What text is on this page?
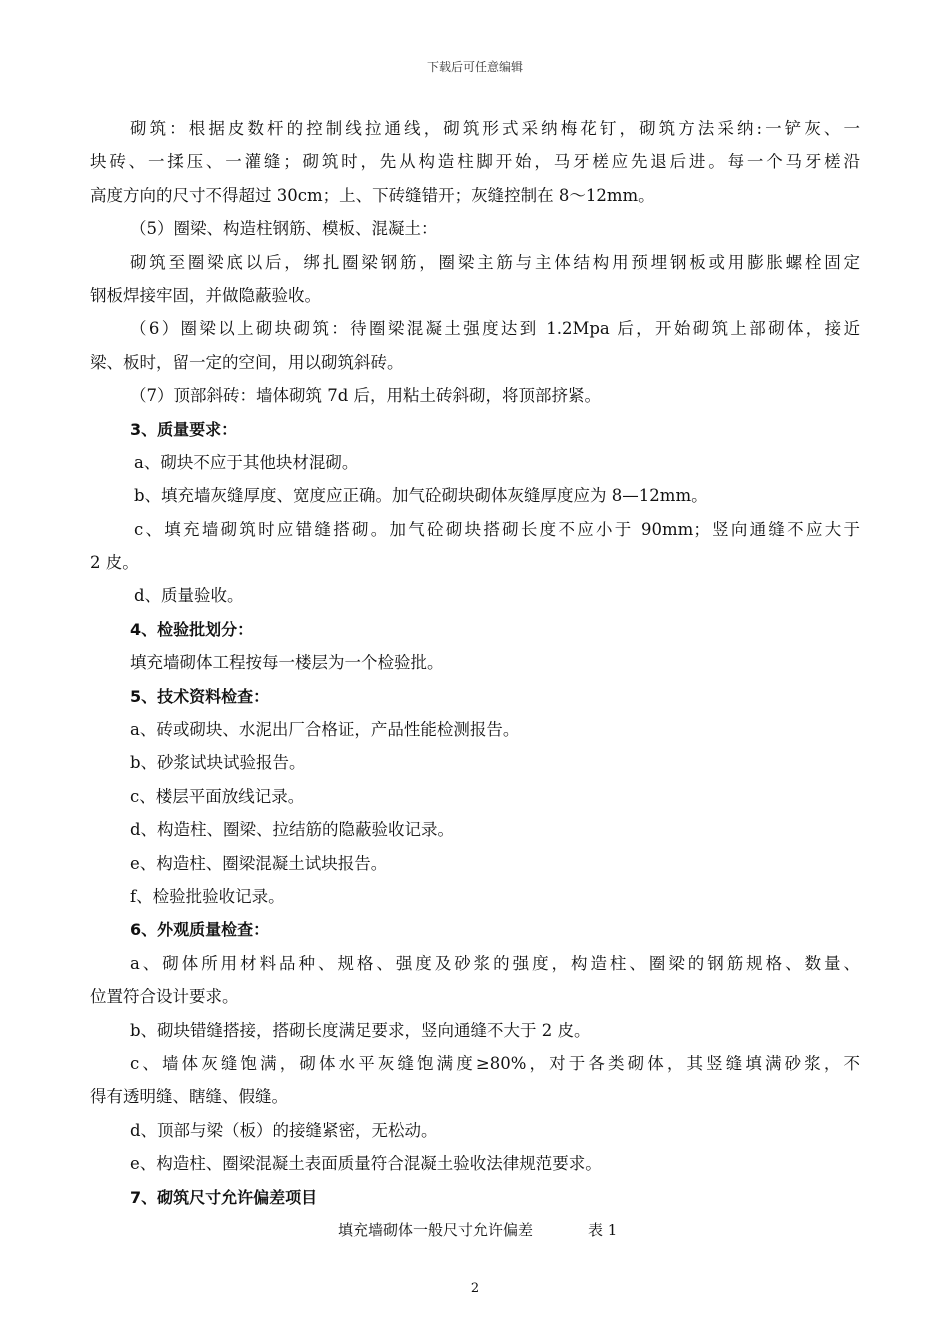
下载后可任意编辑
砌筑：根据皮数杆的控制线拉通线，砌筑形式采纳梅花钉，砌筑方法采纳:一铲灰、一
块砖、一揉压、一灌缝；砌筑时，先从构造柱脚开始，马牙槎应先退后进。每一个马牙槎沿
高度方向的尺寸不得超过 30cm；上、下砖缝错开；灰缝控制在 8～12mm。
（5）圈梁、构造柱钢筋、模板、混凝土：
砌筑至圈梁底以后，绑扎圈梁钢筋，圈梁主筋与主体结构用预埋钢板或用膨胀螺栓固定
钢板焊接牢固，并做隐蔽验收。
（6）圈梁以上砌块砌筑：待圈梁混凝土强度达到 1.2Mpa 后，开始砌筑上部砌体，接近
梁、板时，留一定的空间，用以砌筑斜砖。
（7）顶部斜砖：墙体砌筑 7d 后，用粘土砖斜砌，将顶部挤紧。
3、质量要求：
a、砌块不应于其他块材混砌。
b、填充墙灰缝厚度、宽度应正确。加气砼砌块砌体灰缝厚度应为 8—12mm。
c、填充墙砌筑时应错缝搭砌。加气砼砌块搭砌长度不应小于 90mm；竖向通缝不应大于
2 皮。
d、质量验收。
4、检验批划分：
填充墙砌体工程按每一楼层为一个检验批。
5、技术资料检查：
a、砖或砌块、水泥出厂合格证，产品性能检测报告。
b、砂浆试块试验报告。
c、楼层平面放线记录。
d、构造柱、圈梁、拉结筋的隐蔽验收记录。
e、构造柱、圈梁混凝土试块报告。
f、检验批验收记录。
6、外观质量检查：
a、砌体所用材料品种、规格、强度及砂浆的强度，构造柱、圈梁的钢筋规格、数量、
位置符合设计要求。
b、砌块错缝搭接，搭砌长度满足要求，竖向通缝不大于 2 皮。
c、墙体灰缝饱满，砌体水平灰缝饱满度≥80%，对于各类砌体，其竖缝填满砂浆，不
得有透明缝、瞎缝、假缝。
d、顶部与梁（板）的接缝紧密，无松动。
e、构造柱、圈梁混凝土表面质量符合混凝土验收法律规范要求。
7、砌筑尺寸允许偏差项目
填充墙砌体一般尺寸允许偏差	表 1
2
